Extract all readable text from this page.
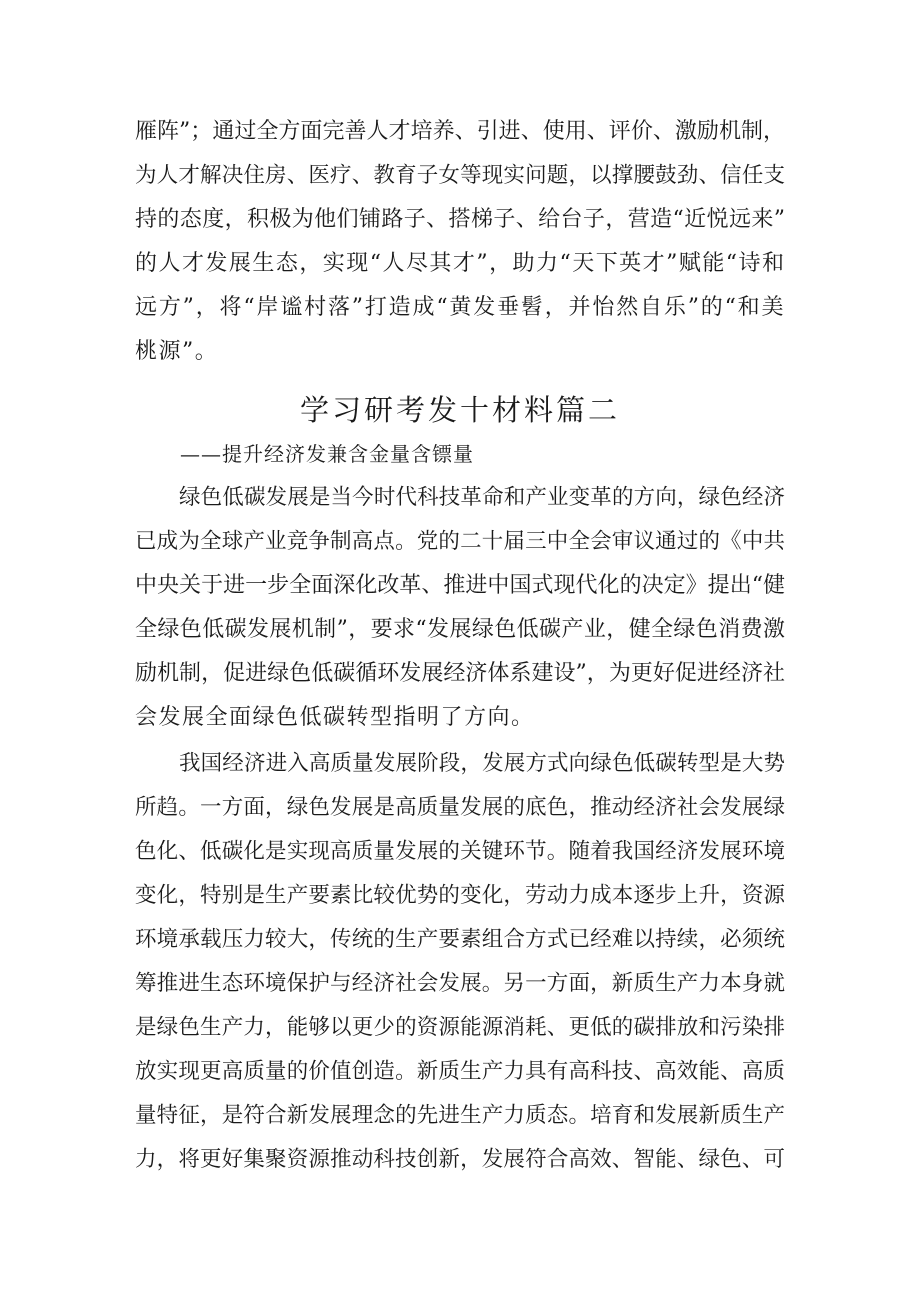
雁阵”；通过全方面完善人才培养、引进、使用、评价、激励机制，
为人才解决住房、医疗、教育子女等现实问题，以撑腰鼓劲、信任支
持的态度，积极为他们铺路子、搭梯子、给台子，营造“近悦远来”
的人才发展生态，实现“人尽其才”，助力“天下英才”赋能“诗和
远方”，将“岸谧村落”打造成“黄发垂髫，并怡然自乐”的“和美
桃源”。
学习研考发十材料篇二
——提升经济发兼含金量含镖量
绿色低碳发展是当今时代科技革命和产业变革的方向，绿色经济
已成为全球产业竞争制高点。党的二十届三中全会审议通过的《中共
中央关于进一步全面深化改革、推进中国式现代化的决定》提出“健
全绿色低碳发展机制”，要求“发展绿色低碳产业，健全绿色消费激
励机制，促进绿色低碳循环发展经济体系建设”，为更好促进经济社
会发展全面绿色低碳转型指明了方向。
我国经济进入高质量发展阶段，发展方式向绿色低碳转型是大势
所趋。一方面，绿色发展是高质量发展的底色，推动经济社会发展绿
色化、低碳化是实现高质量发展的关键环节。随着我国经济发展环境
变化，特别是生产要素比较优势的变化，劳动力成本逐步上升，资源
环境承载压力较大，传统的生产要素组合方式已经难以持续，必须统
筹推进生态环境保护与经济社会发展。另一方面，新质生产力本身就
是绿色生产力，能够以更少的资源能源消耗、更低的碳排放和污染排
放实现更高质量的价值创造。新质生产力具有高科技、高效能、高质
量特征，是符合新发展理念的先进生产力质态。培育和发展新质生产
力，将更好集聚资源推动科技创新，发展符合高效、智能、绿色、可
